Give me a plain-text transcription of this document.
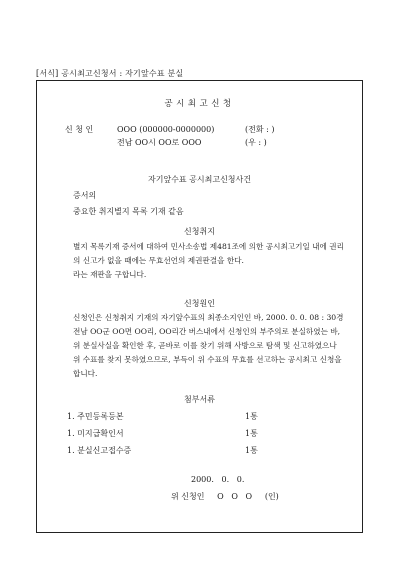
[서식] 공시최고신청서 : 자기앞수표 분실
공시최고신청
신 청 인	OOO (000000-0000000)	(전화 : )
전남 OO시 OO로 OOO	(우 : )
자기앞수표 공시최고신청사건
증서의
중요한 취지별지 목록 기재 같음
신청취지
별지 목록기재 증서에 대하여 민사소송법 제481조에 의한 공시최고기일 내에 권리
의 신고가 없을 때에는 무효선언의 제권판결을 한다.
라는 재판을 구합니다.
신청원인
신청인은 신청취지 기재의 자기앞수표의 최종소지인인 바, 2000. 0. 0. 08 : 30경
전남 OO군 OO면 OO리, OO리간 버스내에서 신청인의 부주의로 분실하였는 바,
위 분실사실을 확인한 후, 곧바로 이를 찾기 위해 사방으로 탐색 및 신고하였으나
위 수표를 찾지 못하였으므로, 부득이 위 수표의 무효를 선고하는 공시최고 신청을
합니다.
첨부서류
1. 주민등록등본	1통
1. 미지급확인서	1통
1. 분실신고접수증	1통
2000.   0.   0.
위 신청인     O   O   O     (인)
